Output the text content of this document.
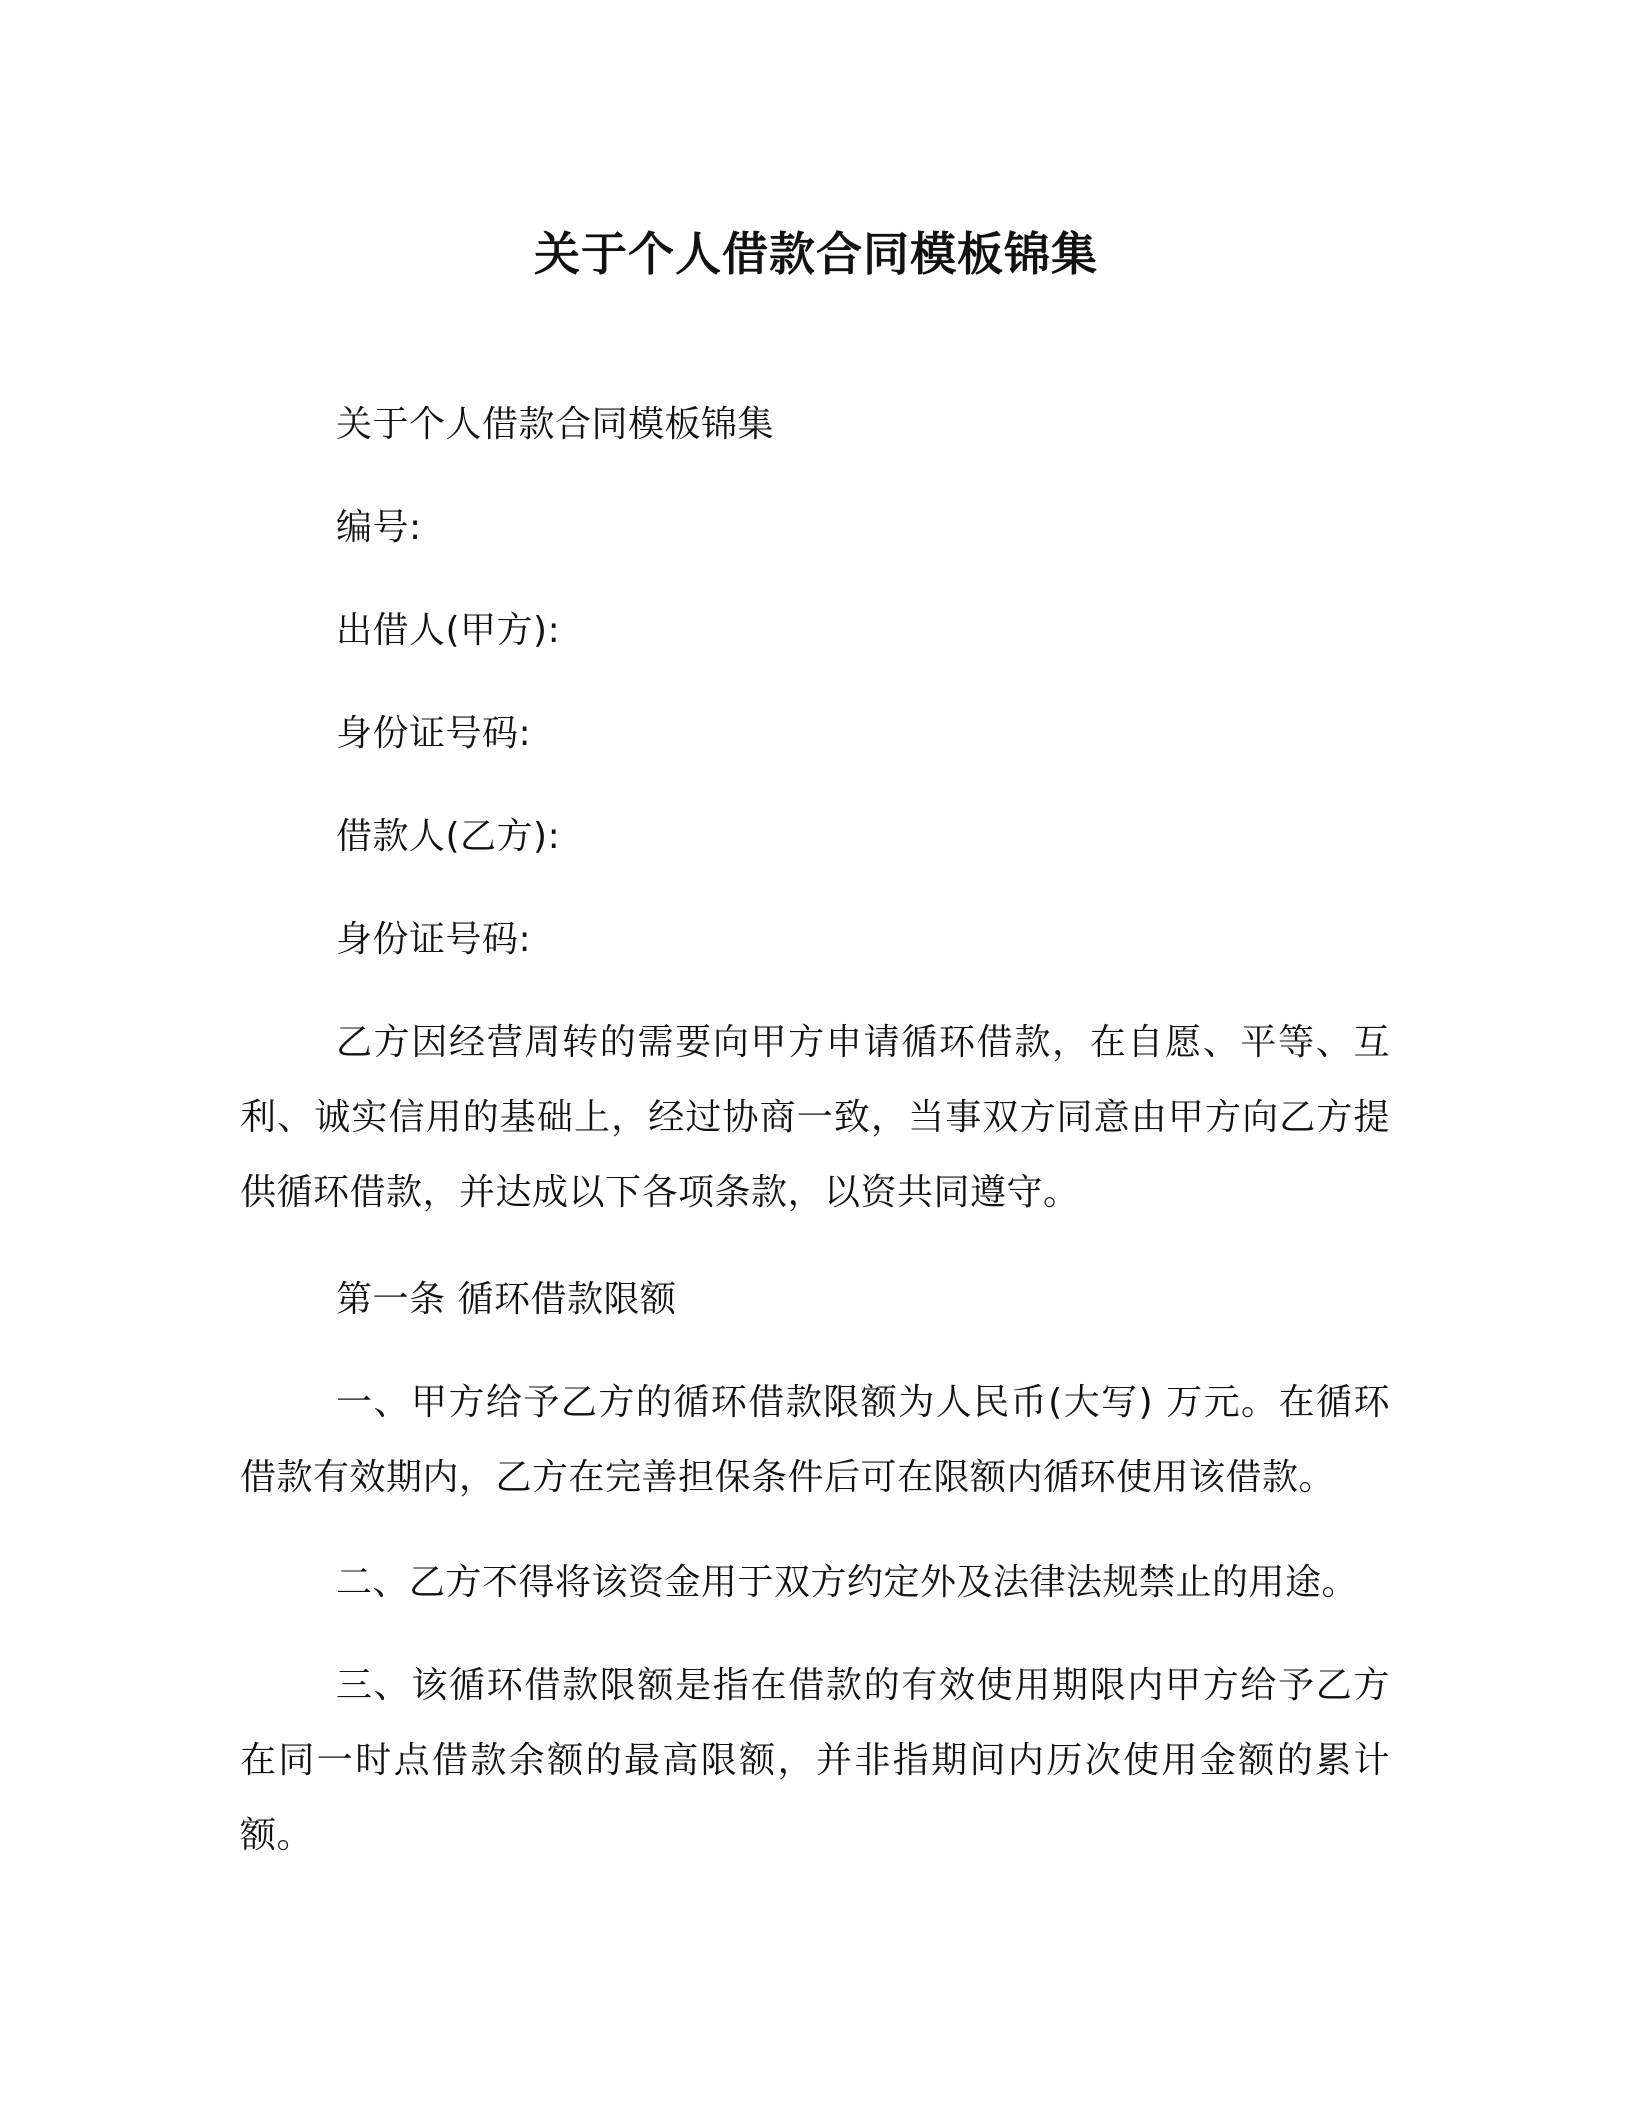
关于个人借款合同模板锦集
关于个人借款合同模板锦集
编号:
出借人(甲方):
身份证号码:
借款人(乙方):
身份证号码:
乙方因经营周转的需要向甲方申请循环借款，在自愿、平等、互利、诚实信用的基础上，经过协商一致，当事双方同意由甲方向乙方提供循环借款，并达成以下各项条款，以资共同遵守。
第一条 循环借款限额
一、甲方给予乙方的循环借款限额为人民币(大写) 万元。在循环借款有效期内，乙方在完善担保条件后可在限额内循环使用该借款。
二、乙方不得将该资金用于双方约定外及法律法规禁止的用途。
三、该循环借款限额是指在借款的有效使用期限内甲方给予乙方在同一时点借款余额的最高限额，并非指期间内历次使用金额的累计额。
